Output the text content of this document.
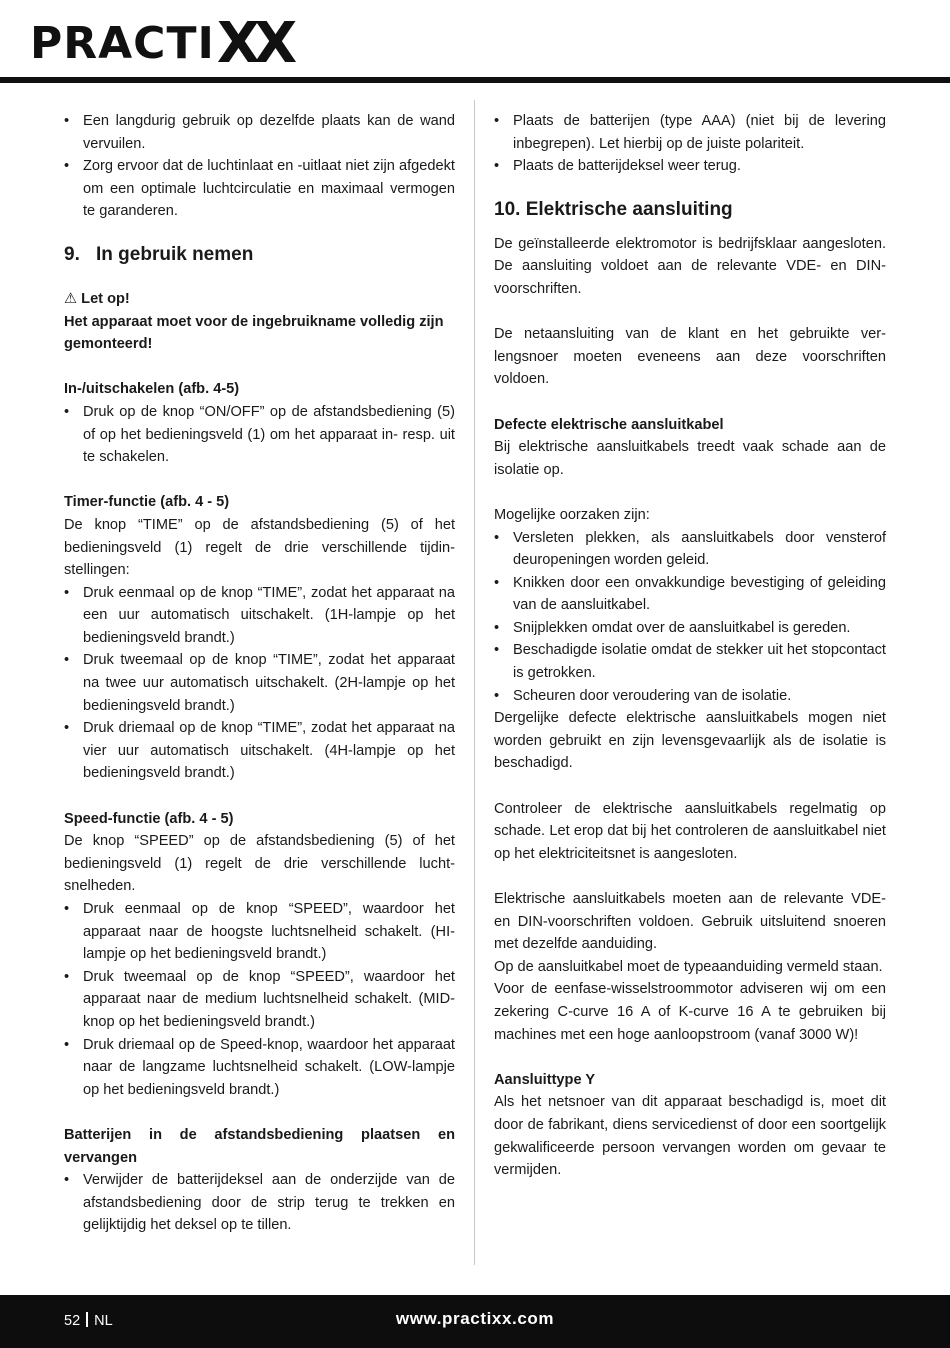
PRACTI XX
• Een langdurig gebruik op dezelfde plaats kan de wand vervuilen.
• Zorg ervoor dat de luchtinlaat en -uitlaat niet zijn afgedekt om een optimale luchtcirculatie en maximaal vermogen te garanderen.
9. In gebruik nemen

⚠ Let op!

Het apparaat moet voor de ingebruikname volledig zijn gemonteerd!

In-/uitschakelen (afb. 4-5)

• Druk op de knop “ON/OFF” op de afstandsbediening (5) of op het bedieningsveld (1) om het apparaat in- resp. uit te schakelen.

Timer-functie (afb. 4 - 5)

De knop “TIME” op de afstandsbediening (5) of het bedieningsveld (1) regelt de drie verschillende tijdinstellingen:

• Druk eenmaal op de knop “TIME”, zodat het apparaat na een uur automatisch uitschakelt. (1H-lampje op het bedieningsveld brandt.)
• Druk tweemaal op de knop “TIME”, zodat het apparaat na twee uur automatisch uitschakelt. (2H-lampje op het bedieningsveld brandt.)
• Druk driemaal op de knop “TIME”, zodat het apparaat na vier uur automatisch uitschakelt. (4H-lampje op het bedieningsveld brandt.)

Speed-functie (afb. 4 - 5)

De knop “SPEED” op de afstandsbediening (5) of het bedieningsveld (1) regelt de drie verschillende luchtsnelheden.

• Druk eenmaal op de knop “SPEED”, waardoor het apparaat naar de hoogste luchtsnelheid schakelt. (HI-lampje op het bedieningsveld brandt.)
• Druk tweemaal op de knop “SPEED”, waardoor het apparaat naar de medium luchtsnelheid schakelt. (MID-knop op het bedieningsveld brandt.)
• Druk driemaal op de Speed-knop, waardoor het apparaat naar de langzame luchtsnelheid schakelt. (LOW-lampje op het bedieningsveld brandt.)

Batterijen in de afstandsbediening plaatsen en vervangen

• Verwijder de batterijdeksel aan de onderzijde van de afstandsbediening door de strip terug te trekken en gelijktijdig het deksel op te tillen.
• Plaats de batterijen (type AAA) (niet bij de levering inbegrepen). Let hierbij op de juiste polariteit.
• Plaats de batterijdeksel weer terug.
10. Elektrische aansluiting

De geïnstalleerde elektromotor is bedrijfsklaar aangesloten. De aansluiting voldoet aan de relevante VDE- en DIN-voorschriften.

De netaansluiting van de klant en het gebruikte verlengsnoer moeten eveneens aan deze voorschriften voldoen.

Defecte elektrische aansluitkabel

Bij elektrische aansluitkabels treedt vaak schade aan de isolatie op.

Mogelijke oorzaken zijn:

• Versleten plekken, als aansluitkabels door vensterof deuropeningen worden geleid.
• Knikken door een onvakkundige bevestiging of geleiding van de aansluitkabel.
• Snijplekken omdat over de aansluitkabel is gereden.
• Beschadigde isolatie omdat de stekker uit het stopcontact is getrokken.
• Scheuren door veroudering van de isolatie.

Dergelijke defecte elektrische aansluitkabels mogen niet worden gebruikt en zijn levensgevaarlijk als de isolatie is beschadigd.

Controleer de elektrische aansluitkabels regelmatig op schade. Let erop dat bij het controleren de aansluitkabel niet op het elektriciteitsnet is aangesloten.

Elektrische aansluitkabels moeten aan de relevante VDE- en DIN-voorschriften voldoen. Gebruik uitsluitend snoeren met dezelfde aanduiding.

Op de aansluitkabel moet de typeaanduiding vermeld staan.

Voor de eenfase-wisselstroommotor adviseren wij om een zekering C-curve 16 A of K-curve 16 A te gebruiken bij machines met een hoge aanloopstroom (vanaf 3000 W)!

Aansluittype Y

Als het netsnoer van dit apparaat beschadigd is, moet dit door de fabrikant, diens servicedienst of door een soortgelijk gekwalificeerde persoon vervangen worden om gevaar te vermijden.

52 NL	www.practixx.com
